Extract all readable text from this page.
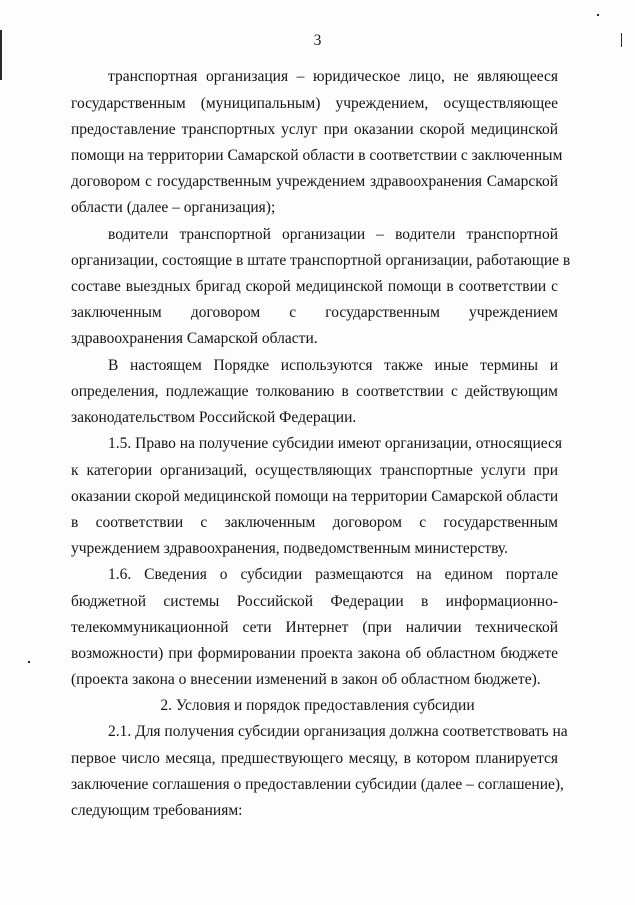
3
транспортная организация – юридическое лицо, не являющееся
государственным (муниципальным) учреждением, осуществляющее
предоставление транспортных услуг при оказании скорой медицинской
помощи на территории Самарской области в соответствии с заключенным
договором с государственным учреждением здравоохранения Самарской
области (далее – организация);
водители транспортной организации – водители транспортной
организации, состоящие в штате транспортной организации, работающие в
составе выездных бригад скорой медицинской помощи в соответствии с
заключенным договором с государственным учреждением
здравоохранения Самарской области.
В настоящем Порядке используются также иные термины и
определения, подлежащие толкованию в соответствии с действующим
законодательством Российской Федерации.
1.5. Право на получение субсидии имеют организации, относящиеся
к категории организаций, осуществляющих транспортные услуги при
оказании скорой медицинской помощи на территории Самарской области
в соответствии с заключенным договором с государственным
учреждением здравоохранения, подведомственным министерству.
1.6. Сведения о субсидии размещаются на едином портале
бюджетной системы Российской Федерации в информационно-
телекоммуникационной сети Интернет (при наличии технической
возможности) при формировании проекта закона об областном бюджете
(проекта закона о внесении изменений в закон об областном бюджете).
2. Условия и порядок предоставления субсидии
2.1. Для получения субсидии организация должна соответствовать на
первое число месяца, предшествующего месяцу, в котором планируется
заключение соглашения о предоставлении субсидии (далее – соглашение),
следующим требованиям:
